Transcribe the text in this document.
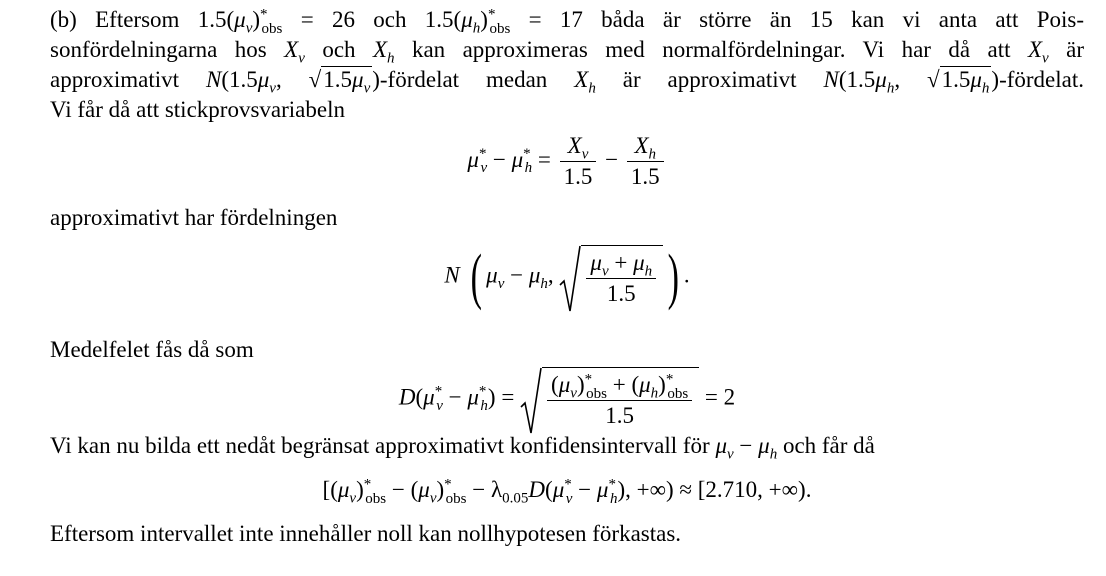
(b) Eftersom $1.5(\mu_v)^*_{obs} = 26$ och $1.5(\mu_h)^*_{obs} = 17$ båda är större än 15 kan vi anta att Pois-

sonfördelningarna hos $X_v$ och $X_h$ kan approximeras med normalfördelningar. Vi har då att $X_v$ är

approximativt $N(1.5\mu_v$, $√1.5\mu_v$)-fördelat medan $X_h$ är approximativt $N(1.5\mu_h$, $√1.5\mu_h$)-fördelat.

Vi får då att stickprovsvariabeln

$\mu^*_v - \mu^*_h = \frac{X_v}{1.5} - \frac{X_h}{1.5}$

approximativt har fördelningen

N ( $\mu_v - \mu_h$, $\frac{\mu_v + \mu_h}{1.5}$ ) .

Medelfelet fås då som

$D(\mu^*_v - \mu^*_h) = \frac{(\mu_v)^*_{obs} + (\mu_h)^*_{obs}}{1.5} = 2$

Vi kan nu bilda ett nedåt begränsat approximativt konfidensintervall för $\mu_v - \mu_h$ och får då

[$(\mu_v)^*_{obs} - (\mu_v)^*_{obs} - \lambda_{0.05}D(\mu^*_v - \mu^*_h)$, +∞) ≈ [2.710, +∞).

Eftersom intervallet inte innehåller noll kan nollhypotesen förkastas.
